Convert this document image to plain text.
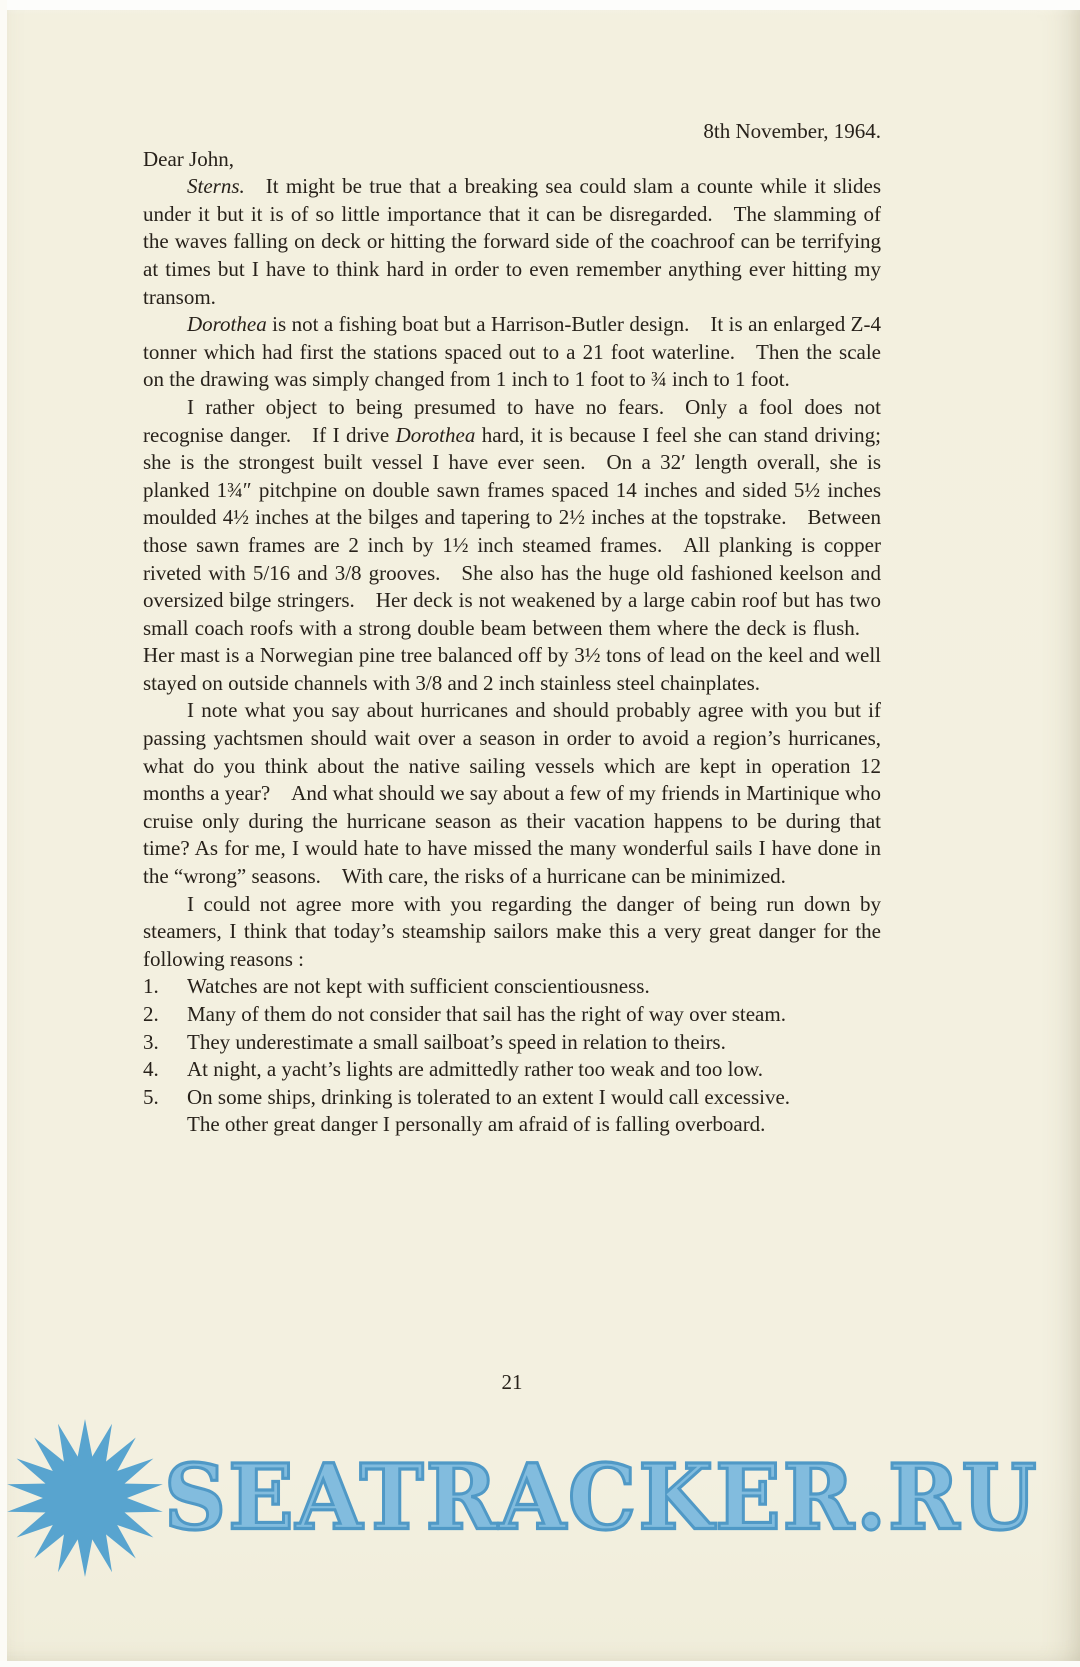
8th November, 1964.
Dear John,

Sterns. It might be true that a breaking sea could slam a counte while it slides under it but it is of so little importance that it can be disregarded. The slamming of the waves falling on deck or hitting the forward side of the coachroof can be terrifying at times but I have to think hard in order to even remember anything ever hitting my transom.

Dorothea is not a fishing boat but a Harrison-Butler design. It is an enlarged Z-4 tonner which had first the stations spaced out to a 21 foot waterline. Then the scale on the drawing was simply changed from 1 inch to 1 foot to ¾ inch to 1 foot.

I rather object to being presumed to have no fears. Only a fool does not recognise danger. If I drive Dorothea hard, it is because I feel she can stand driving; she is the strongest built vessel I have ever seen. On a 32′ length overall, she is planked 1¾″ pitchpine on double sawn frames spaced 14 inches and sided 5½ inches moulded 4½ inches at the bilges and tapering to 2½ inches at the topstrake. Between those sawn frames are 2 inch by 1½ inch steamed frames. All planking is copper riveted with 5/16 and 3/8 grooves. She also has the huge old fashioned keelson and oversized bilge stringers. Her deck is not weakened by a large cabin roof but has two small coach roofs with a strong double beam between them where the deck is flush. Her mast is a Norwegian pine tree balanced off by 3½ tons of lead on the keel and well stayed on outside channels with 3/8 and 2 inch stainless steel chainplates.

I note what you say about hurricanes and should probably agree with you but if passing yachtsmen should wait over a season in order to avoid a region’s hurricanes, what do you think about the native sailing vessels which are kept in operation 12 months a year? And what should we say about a few of my friends in Martinique who cruise only during the hurricane season as their vacation happens to be during that time? As for me, I would hate to have missed the many wonderful sails I have done in the “wrong” seasons. With care, the risks of a hurricane can be minimized.

I could not agree more with you regarding the danger of being run down by steamers, I think that today’s steamship sailors make this a very great danger for the following reasons :

1. Watches are not kept with sufficient conscientiousness.
2. Many of them do not consider that sail has the right of way over steam.
3. They underestimate a small sailboat’s speed in relation to theirs.
4. At night, a yacht’s lights are admittedly rather too weak and too low.
5. On some ships, drinking is tolerated to an extent I would call excessive.

The other great danger I personally am afraid of is falling overboard.

21
SEATRACKER.RU
